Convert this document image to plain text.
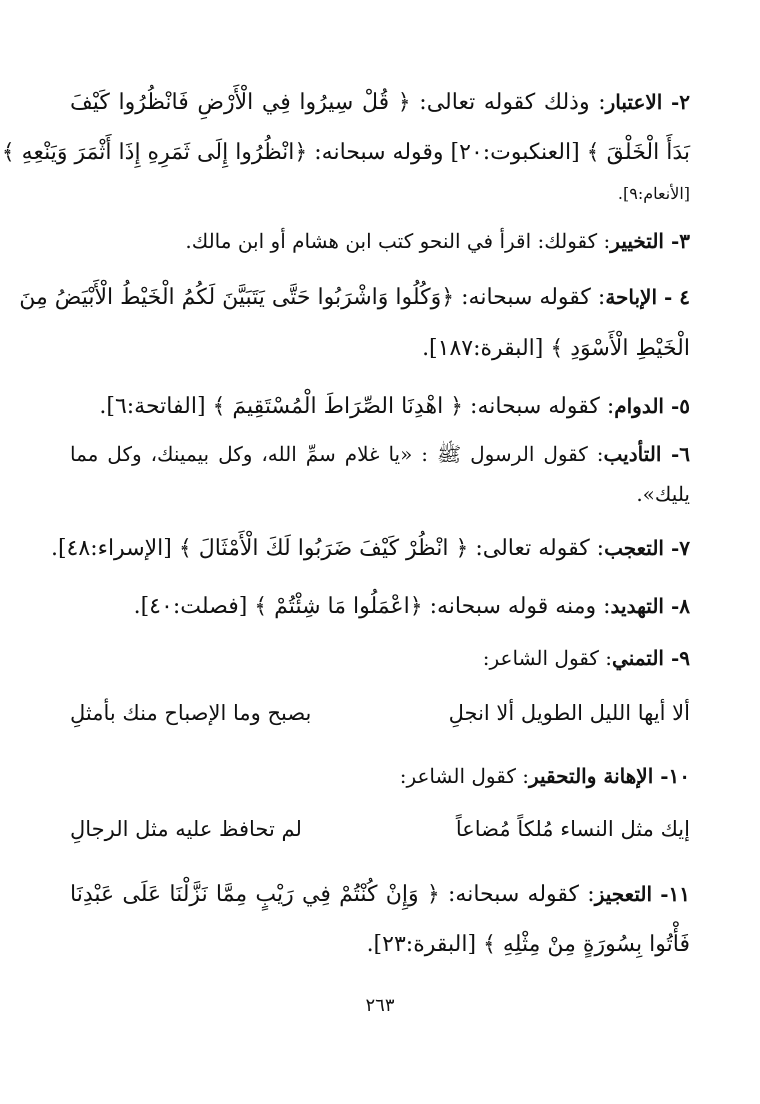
٢- الاعتبار: وذلك كقوله تعالى: ﴿ قُلْ سِيرُوا فِي الْأَرْضِ فَانْظُرُوا كَيْفَ
بَدَأَ الْخَلْقَ ﴾ [العنكبوت:٢٠] وقوله سبحانه: ﴿انْظُرُوا إِلَى ثَمَرِهِ إِذَا أَثْمَرَ وَيَنْعِهِ ﴾
[الأنعام:٩].
٣- التخيير: كقولك: اقرأ في النحو كتب ابن هشام أو ابن مالك.
٤ - الإباحة: كقوله سبحانه: ﴿وَكُلُوا وَاشْرَبُوا حَتَّى يَتَبَيَّنَ لَكُمُ الْخَيْطُ الْأَبْيَضُ مِنَ
الْخَيْطِ الْأَسْوَدِ ﴾ [البقرة:١٨٧].
٥- الدوام: كقوله سبحانه: ﴿ اهْدِنَا الصِّرَاطَ الْمُسْتَقِيمَ ﴾ [الفاتحة:٦].
٦- التأديب: كقول الرسول ﷺ : «يا غلام سمِّ الله، وكل بيمينك، وكل مما
يليك».
٧- التعجب: كقوله تعالى: ﴿ انْظُرْ كَيْفَ ضَرَبُوا لَكَ الْأَمْثَالَ ﴾ [الإسراء:٤٨].
٨- التهديد: ومنه قوله سبحانه: ﴿اعْمَلُوا مَا شِئْتُمْ ﴾ [فصلت:٤٠].
٩- التمني: كقول الشاعر:
ألا أيها الليل الطويل ألا انجلِ
بصبح وما الإصباح منك بأمثلِ
١٠- الإهانة والتحقير: كقول الشاعر:
إيك مثل النساء مُلكاً مُضاعاً
لم تحافظ عليه مثل الرجالِ
١١- التعجيز: كقوله سبحانه: ﴿ وَإِنْ كُنْتُمْ فِي رَيْبٍ مِمَّا نَزَّلْنَا عَلَى عَبْدِنَا
فَأْتُوا بِسُورَةٍ مِنْ مِثْلِهِ ﴾ [البقرة:٢٣].
٢٦٣
